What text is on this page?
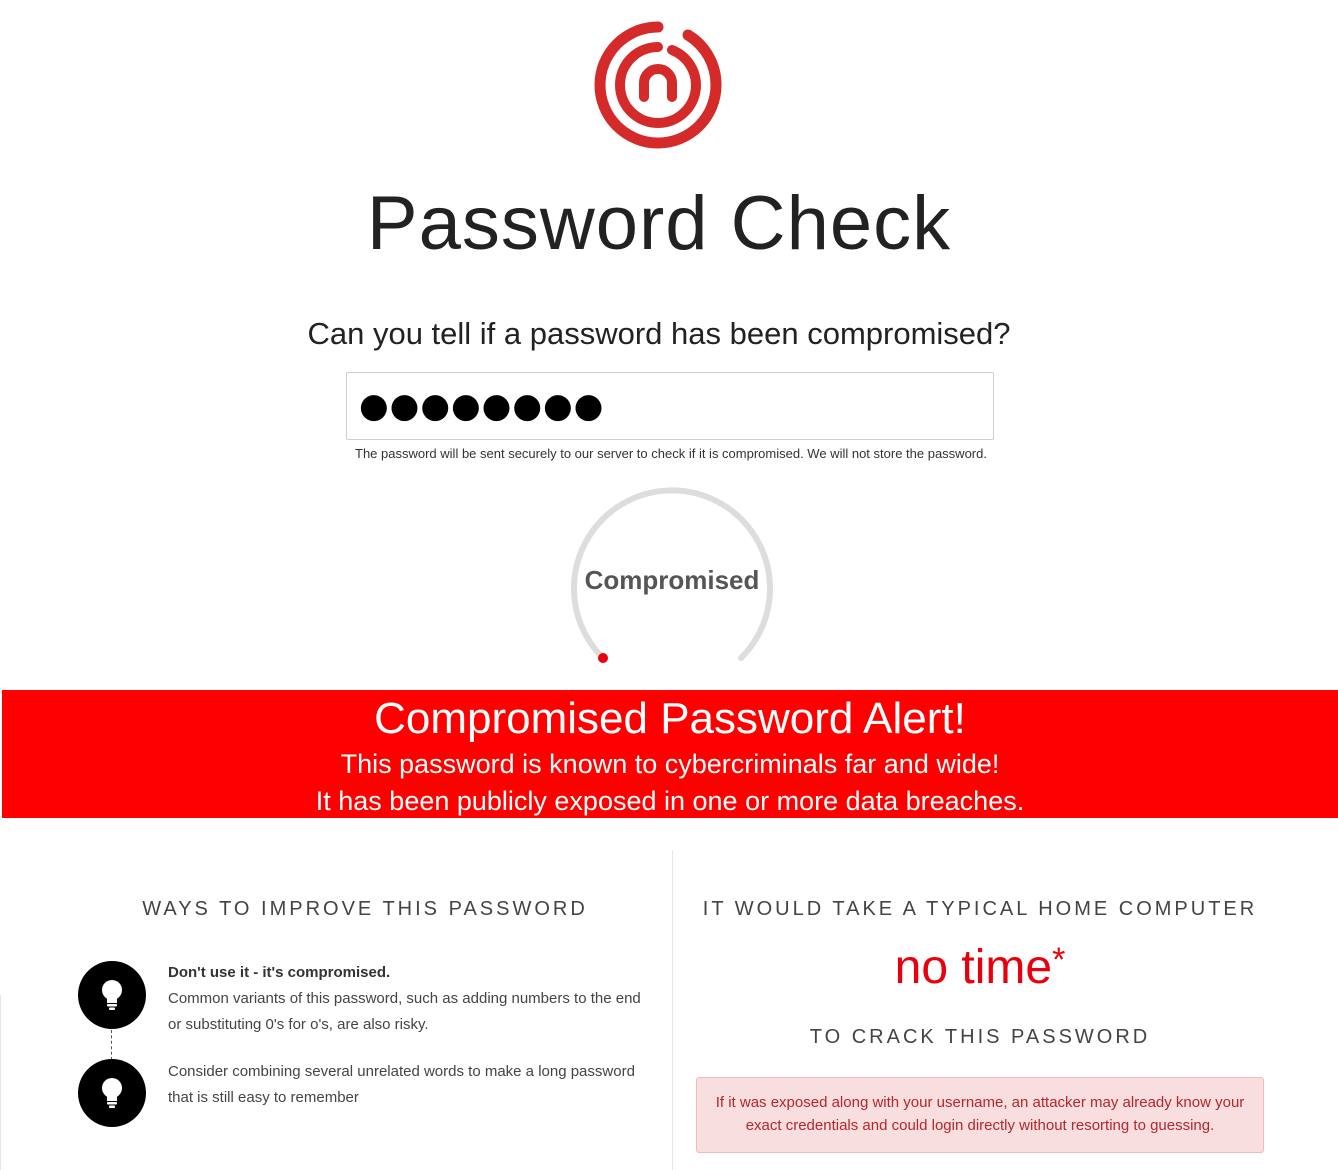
Password Check
Can you tell if a password has been compromised?
●●●●●●●●
The password will be sent securely to our server to check if it is compromised. We will not store the password.
Compromised
Compromised Password Alert!
This password is known to cybercriminals far and wide!
It has been publicly exposed in one or more data breaches.
WAYS TO IMPROVE THIS PASSWORD
Don't use it - it's compromised.
Common variants of this password, such as adding numbers to the end or substituting 0's for o's, are also risky.
Consider combining several unrelated words to make a long password that is still easy to remember
IT WOULD TAKE A TYPICAL HOME COMPUTER
no time*
TO CRACK THIS PASSWORD
If it was exposed along with your username, an attacker may already know your exact credentials and could login directly without resorting to guessing.
